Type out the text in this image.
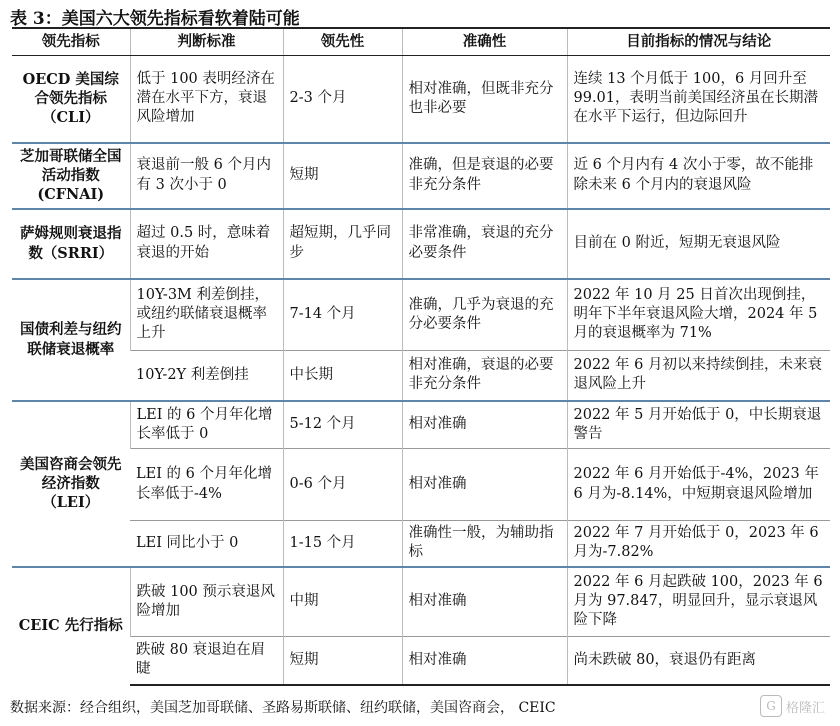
表 3：美国六大领先指标看软着陆可能
领先指标	判断标准	领先性	准确性	目前指标的情况与结论
OECD 美国综合领先指标（CLI）	低于 100 表明经济在潜在水平下方，衰退风险增加	2-3 个月	相对准确，但既非充分也非必要	连续 13 个月低于 100，6 月回升至 99.01，表明当前美国经济虽在长期潜在水平下运行，但边际回升
芝加哥联储全国活动指数(CFNAI)	衰退前一般 6 个月内有 3 次小于 0	短期	准确，但是衰退的必要非充分条件	近 6 个月内有 4 次小于零，故不能排除未来 6 个月内的衰退风险
萨姆规则衰退指数（SRRI）	超过 0.5 时，意味着衰退的开始	超短期，几乎同步	非常准确，衰退的充分必要条件	目前在 0 附近，短期无衰退风险
国债利差与纽约联储衰退概率	10Y-3M 利差倒挂，或纽约联储衰退概率上升	7-14 个月	准确，几乎为衰退的充分必要条件	2022 年 10 月 25 日首次出现倒挂，明年下半年衰退风险大增，2024 年 5 月的衰退概率为 71%
	10Y-2Y 利差倒挂	中长期	相对准确，衰退的必要非充分条件	2022 年 6 月初以来持续倒挂，未来衰退风险上升
美国咨商会领先经济指数（LEI）	LEI 的 6 个月年化增长率低于 0	5-12 个月	相对准确	2022 年 5 月开始低于 0，中长期衰退警告
	LEI 的 6 个月年化增长率低于-4%	0-6 个月	相对准确	2022 年 6 月开始低于-4%，2023 年 6 月为-8.14%，中短期衰退风险增加
	LEI 同比小于 0	1-15 个月	准确性一般，为辅助指标	2022 年 7 月开始低于 0，2023 年 6 月为-7.82%
CEIC 先行指标	跌破 100 预示衰退风险增加	中期	相对准确	2022 年 6 月起跌破 100，2023 年 6 月为 97.847，明显回升，显示衰退风险下降
	跌破 80 衰退迫在眉睫	短期	相对准确	尚未跌破 80，衰退仍有距离
数据来源：经合组织，美国芝加哥联储、圣路易斯联储、纽约联储，美国咨商会， CEIC	G 格隆汇
